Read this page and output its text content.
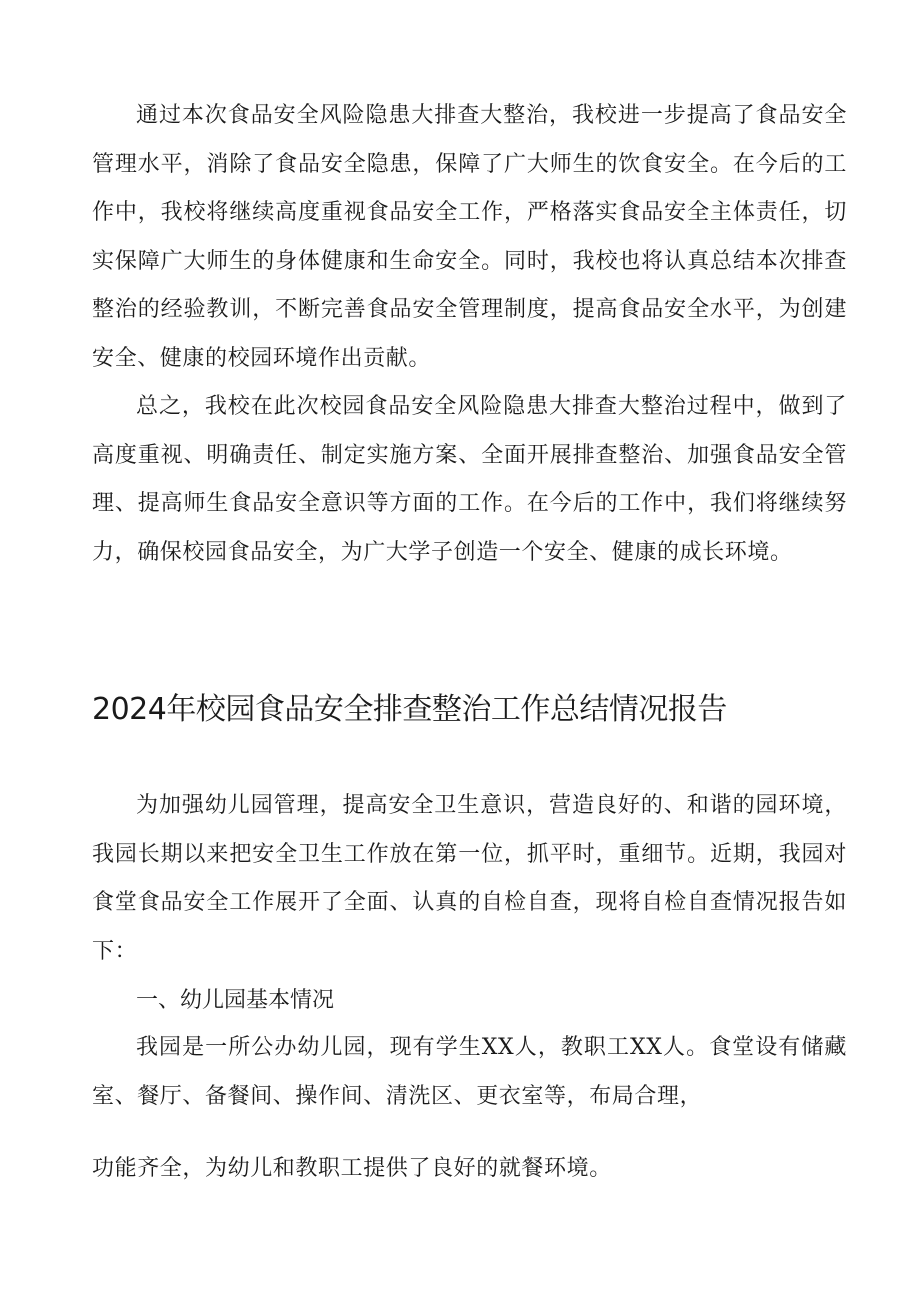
通过本次食品安全风险隐患大排查大整治，我校进一步提高了食品安全管理水平，消除了食品安全隐患，保障了广大师生的饮食安全。在今后的工作中，我校将继续高度重视食品安全工作，严格落实食品安全主体责任，切实保障广大师生的身体健康和生命安全。同时，我校也将认真总结本次排查整治的经验教训，不断完善食品安全管理制度，提高食品安全水平，为创建安全、健康的校园环境作出贡献。

总之，我校在此次校园食品安全风险隐患大排查大整治过程中，做到了高度重视、明确责任、制定实施方案、全面开展排查整治、加强食品安全管理、提高师生食品安全意识等方面的工作。在今后的工作中，我们将继续努力，确保校园食品安全，为广大学子创造一个安全、健康的成长环境。

2024年校园食品安全排查整治工作总结情况报告

为加强幼儿园管理，提高安全卫生意识，营造良好的、和谐的园环境，我园长期以来把安全卫生工作放在第一位，抓平时，重细节。近期，我园对食堂食品安全工作展开了全面、认真的自检自查，现将自检自查情况报告如下：

一、幼儿园基本情况

我园是一所公办幼儿园，现有学生XX人，教职工XX人。食堂设有储藏室、餐厅、备餐间、操作间、清洗区、更衣室等，布局合理，

功能齐全，为幼儿和教职工提供了良好的就餐环境。
